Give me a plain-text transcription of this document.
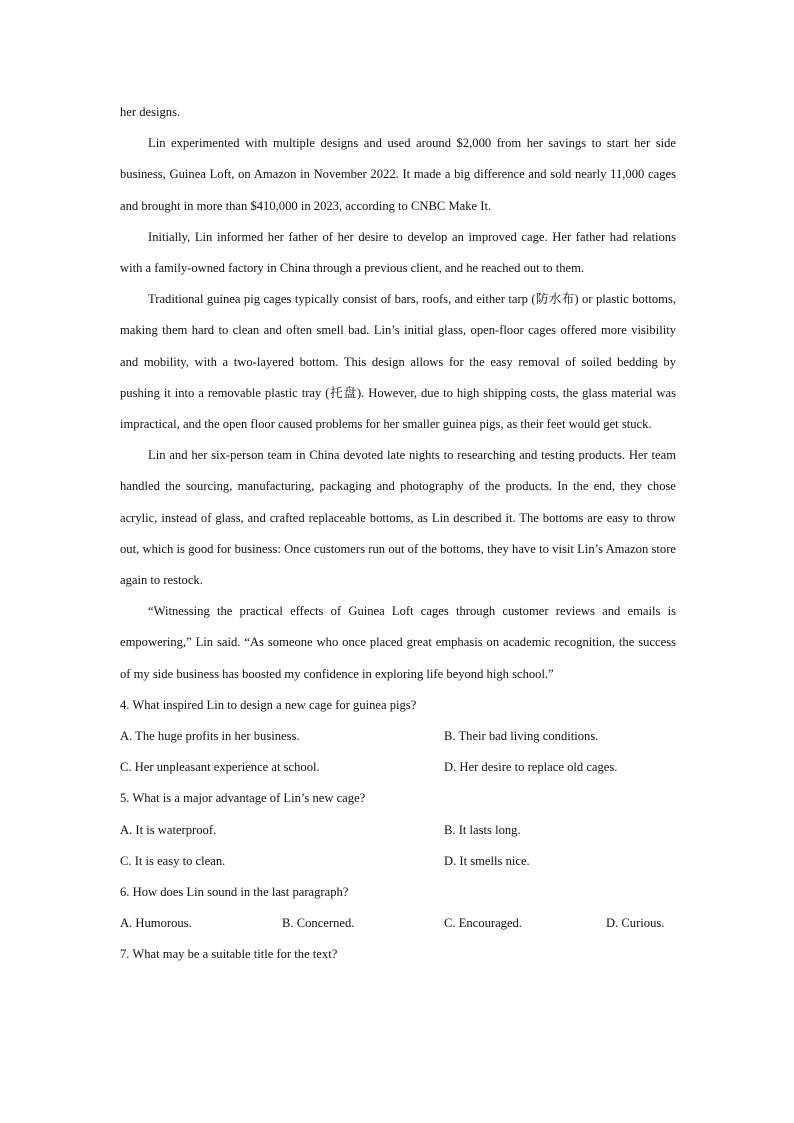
her designs.

Lin experimented with multiple designs and used around $2,000 from her savings to start her side business, Guinea Loft, on Amazon in November 2022. It made a big difference and sold nearly 11,000 cages and brought in more than $410,000 in 2023, according to CNBC Make It.

Initially, Lin informed her father of her desire to develop an improved cage. Her father had relations with a family-owned factory in China through a previous client, and he reached out to them.

Traditional guinea pig cages typically consist of bars, roofs, and either tarp (防水布) or plastic bottoms, making them hard to clean and often smell bad. Lin’s initial glass, open-floor cages offered more visibility and mobility, with a two-layered bottom. This design allows for the easy removal of soiled bedding by pushing it into a removable plastic tray (托盘). However, due to high shipping costs, the glass material was impractical, and the open floor caused problems for her smaller guinea pigs, as their feet would get stuck.

Lin and her six-person team in China devoted late nights to researching and testing products. Her team handled the sourcing, manufacturing, packaging and photography of the products. In the end, they chose acrylic, instead of glass, and crafted replaceable bottoms, as Lin described it. The bottoms are easy to throw out, which is good for business: Once customers run out of the bottoms, they have to visit Lin’s Amazon store again to restock.

“Witnessing the practical effects of Guinea Loft cages through customer reviews and emails is empowering,” Lin said. “As someone who once placed great emphasis on academic recognition, the success of my side business has boosted my confidence in exploring life beyond high school.”

4. What inspired Lin to design a new cage for guinea pigs?

A. The huge profits in her business.	B. Their bad living conditions.
C. Her unpleasant experience at school.	D. Her desire to replace old cages.

5. What is a major advantage of Lin’s new cage?

A. It is waterproof.	B. It lasts long.
C. It is easy to clean.	D. It smells nice.

6. How does Lin sound in the last paragraph?

A. Humorous.	B. Concerned.	C. Encouraged.	D. Curious.

7. What may be a suitable title for the text?
